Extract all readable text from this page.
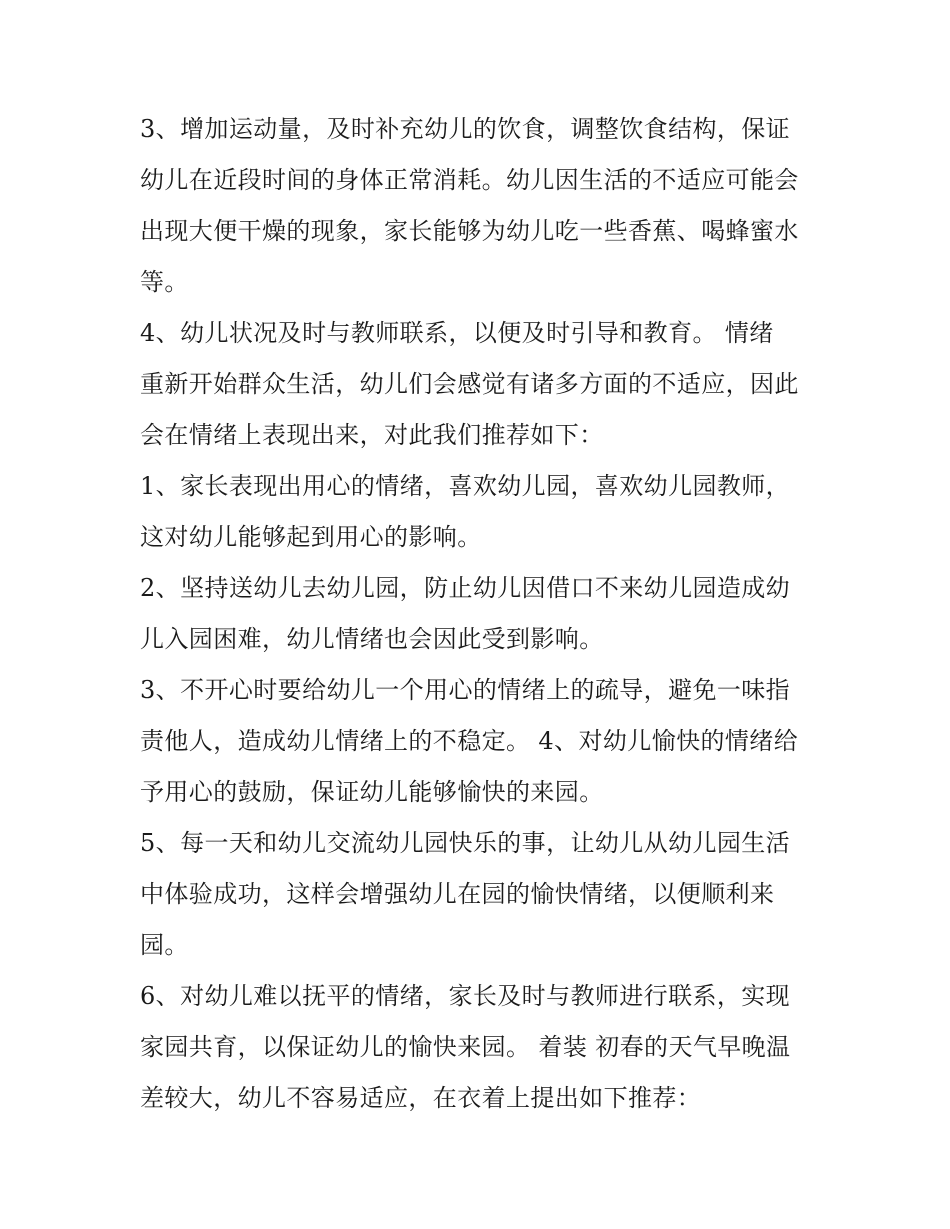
3、增加运动量，及时补充幼儿的饮食，调整饮食结构，保证
幼儿在近段时间的身体正常消耗。幼儿因生活的不适应可能会
出现大便干燥的现象，家长能够为幼儿吃一些香蕉、喝蜂蜜水
等。
4、幼儿状况及时与教师联系，以便及时引导和教育。 情绪
重新开始群众生活，幼儿们会感觉有诸多方面的不适应，因此
会在情绪上表现出来，对此我们推荐如下：
1、家长表现出用心的情绪，喜欢幼儿园，喜欢幼儿园教师，
这对幼儿能够起到用心的影响。
2、坚持送幼儿去幼儿园，防止幼儿因借口不来幼儿园造成幼
儿入园困难，幼儿情绪也会因此受到影响。
3、不开心时要给幼儿一个用心的情绪上的疏导，避免一味指
责他人，造成幼儿情绪上的不稳定。 4、对幼儿愉快的情绪给
予用心的鼓励，保证幼儿能够愉快的来园。
5、每一天和幼儿交流幼儿园快乐的事，让幼儿从幼儿园生活
中体验成功，这样会增强幼儿在园的愉快情绪，以便顺利来
园。
6、对幼儿难以抚平的情绪，家长及时与教师进行联系，实现
家园共育，以保证幼儿的愉快来园。 着装 初春的天气早晚温
差较大，幼儿不容易适应，在衣着上提出如下推荐：
